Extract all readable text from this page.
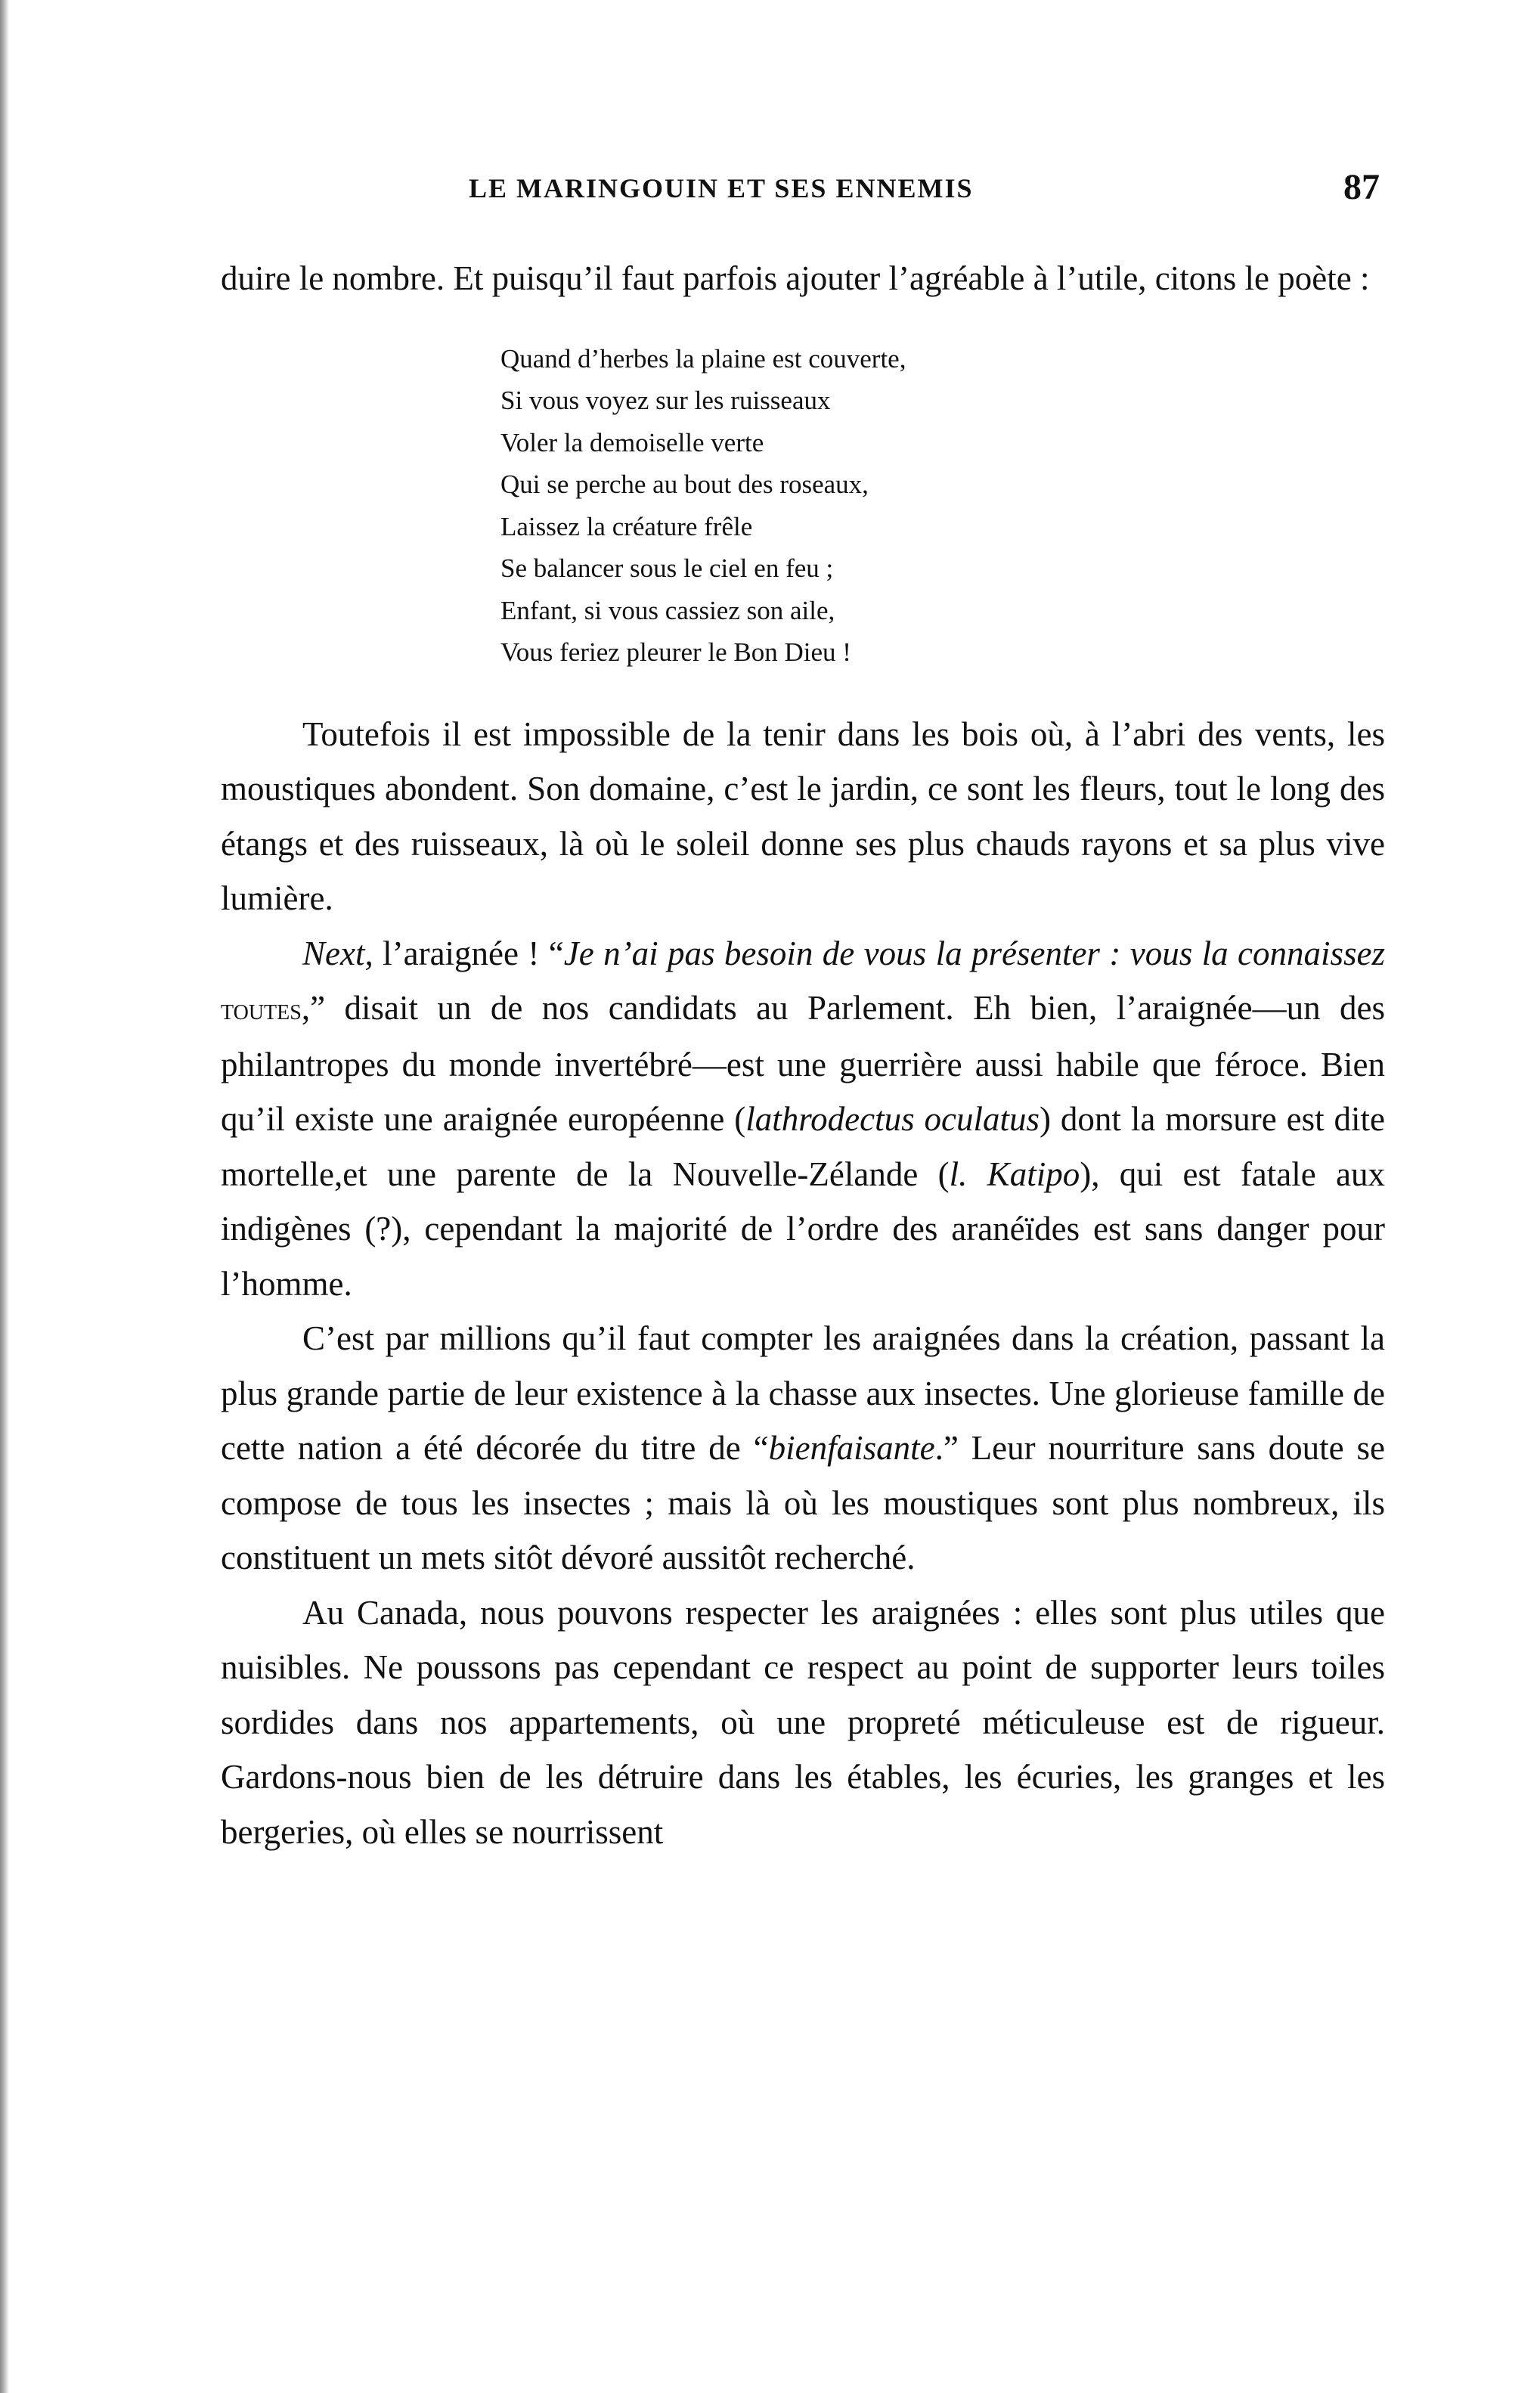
LE MARINGOUIN ET SES ENNEMIS	87

duire le nombre. Et puisqu’il faut parfois ajouter l’agréable à l’utile, citons le poète :

Quand d’herbes la plaine est couverte,
Si vous voyez sur les ruisseaux
Voler la demoiselle verte
Qui se perche au bout des roseaux,
Laissez la créature frêle
Se balancer sous le ciel en feu ;
Enfant, si vous cassiez son aile,
Vous feriez pleurer le Bon Dieu !

Toutefois il est impossible de la tenir dans les bois où, à l’abri des vents, les moustiques abondent. Son domaine, c’est le jardin, ce sont les fleurs, tout le long des étangs et des ruisseaux, là où le soleil donne ses plus chauds rayons et sa plus vive lumière.

Next, l’araignée ! “Je n’ai pas besoin de vous la présenter : vous la connaissez toutes,” disait un de nos candidats au Parlement. Eh bien, l’araignée—un des philantropes du monde invertébré—est une guerrière aussi habile que féroce. Bien qu’il existe une araignée européenne (lathrodectus oculatus) dont la morsure est dite mortelle,et une parente de la Nouvelle-Zélande (l. Katipo), qui est fatale aux indigènes (?), cependant la majorité de l’ordre des aranéïdes est sans danger pour l’homme.

C’est par millions qu’il faut compter les araignées dans la création, passant la plus grande partie de leur existence à la chasse aux insectes. Une glorieuse famille de cette nation a été décorée du titre de “bienfaisante.” Leur nourriture sans doute se compose de tous les insectes ; mais là où les moustiques sont plus nombreux, ils constituent un mets sitôt dévoré aussitôt recherché.

Au Canada, nous pouvons respecter les araignées : elles sont plus utiles que nuisibles. Ne poussons pas cependant ce respect au point de supporter leurs toiles sordides dans nos appartements, où une propreté méticuleuse est de rigueur. Gardons-nous bien de les détruire dans les étables, les écuries, les granges et les bergeries, où elles se nourrissent
